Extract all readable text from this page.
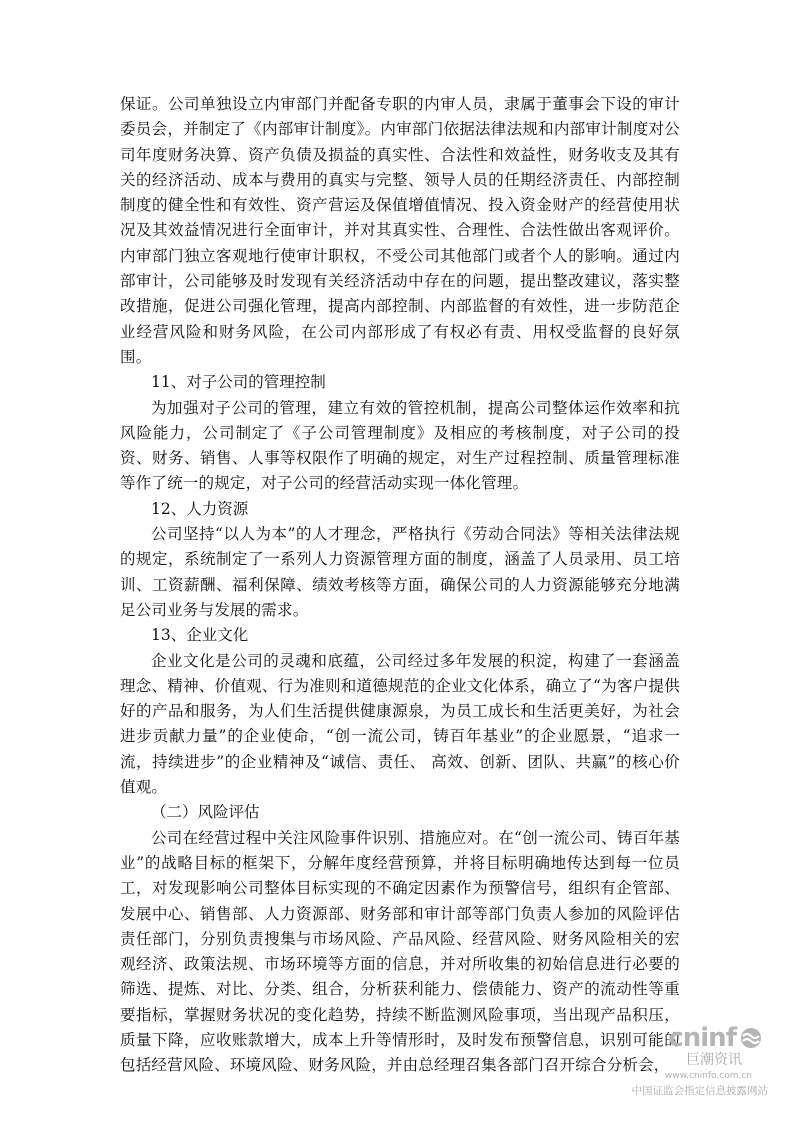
保证。公司单独设立内审部门并配备专职的内审人员，隶属于董事会下设的审计委员会，并制定了《内部审计制度》。内审部门依据法律法规和内部审计制度对公司年度财务决算、资产负债及损益的真实性、合法性和效益性，财务收支及其有关的经济活动、成本与费用的真实与完整、领导人员的任期经济责任、内部控制制度的健全性和有效性、资产营运及保值增值情况、投入资金财产的经营使用状况及其效益情况进行全面审计，并对其真实性、合理性、合法性做出客观评价。内审部门独立客观地行使审计职权，不受公司其他部门或者个人的影响。通过内部审计，公司能够及时发现有关经济活动中存在的问题，提出整改建议，落实整改措施，促进公司强化管理，提高内部控制、内部监督的有效性，进一步防范企业经营风险和财务风险，在公司内部形成了有权必有责、用权受监督的良好氛围。

11、对子公司的管理控制

为加强对子公司的管理，建立有效的管控机制，提高公司整体运作效率和抗风险能力，公司制定了《子公司管理制度》及相应的考核制度，对子公司的投资、财务、销售、人事等权限作了明确的规定，对生产过程控制、质量管理标准等作了统一的规定，对子公司的经营活动实现一体化管理。

12、人力资源

公司坚持“以人为本”的人才理念，严格执行《劳动合同法》等相关法律法规的规定，系统制定了一系列人力资源管理方面的制度，涵盖了人员录用、员工培训、工资薪酬、福利保障、绩效考核等方面，确保公司的人力资源能够充分地满足公司业务与发展的需求。

13、企业文化

企业文化是公司的灵魂和底蕴，公司经过多年发展的积淀，构建了一套涵盖理念、精神、价值观、行为准则和道德规范的企业文化体系，确立了“为客户提供好的产品和服务，为人们生活提供健康源泉，为员工成长和生活更美好，为社会进步贡献力量”的企业使命，“创一流公司，铸百年基业”的企业愿景，“追求一流，持续进步”的企业精神及“诚信、责任、 高效、创新、团队、共赢”的核心价值观。

（二）风险评估

公司在经营过程中关注风险事件识别、措施应对。在“创一流公司、铸百年基业”的战略目标的框架下，分解年度经营预算，并将目标明确地传达到每一位员工，对发现影响公司整体目标实现的不确定因素作为预警信号，组织有企管部、发展中心、销售部、人力资源部、财务部和审计部等部门负责人参加的风险评估责任部门，分别负责搜集与市场风险、产品风险、经营风险、财务风险相关的宏观经济、政策法规、市场环境等方面的信息，并对所收集的初始信息进行必要的筛选、提炼、对比、分类、组合，分析获利能力、偿债能力、资产的流动性等重要指标，掌握财务状况的变化趋势，持续不断监测风险事项，当出现产品积压，质量下降，应收账款增大，成本上升等情形时，及时发布预警信息，识别可能的包括经营风险、环境风险、财务风险，并由总经理召集各部门召开综合分析会，

cninf
巨潮资讯
www.cninfo.com.cn
中国证监会指定信息披露网站
